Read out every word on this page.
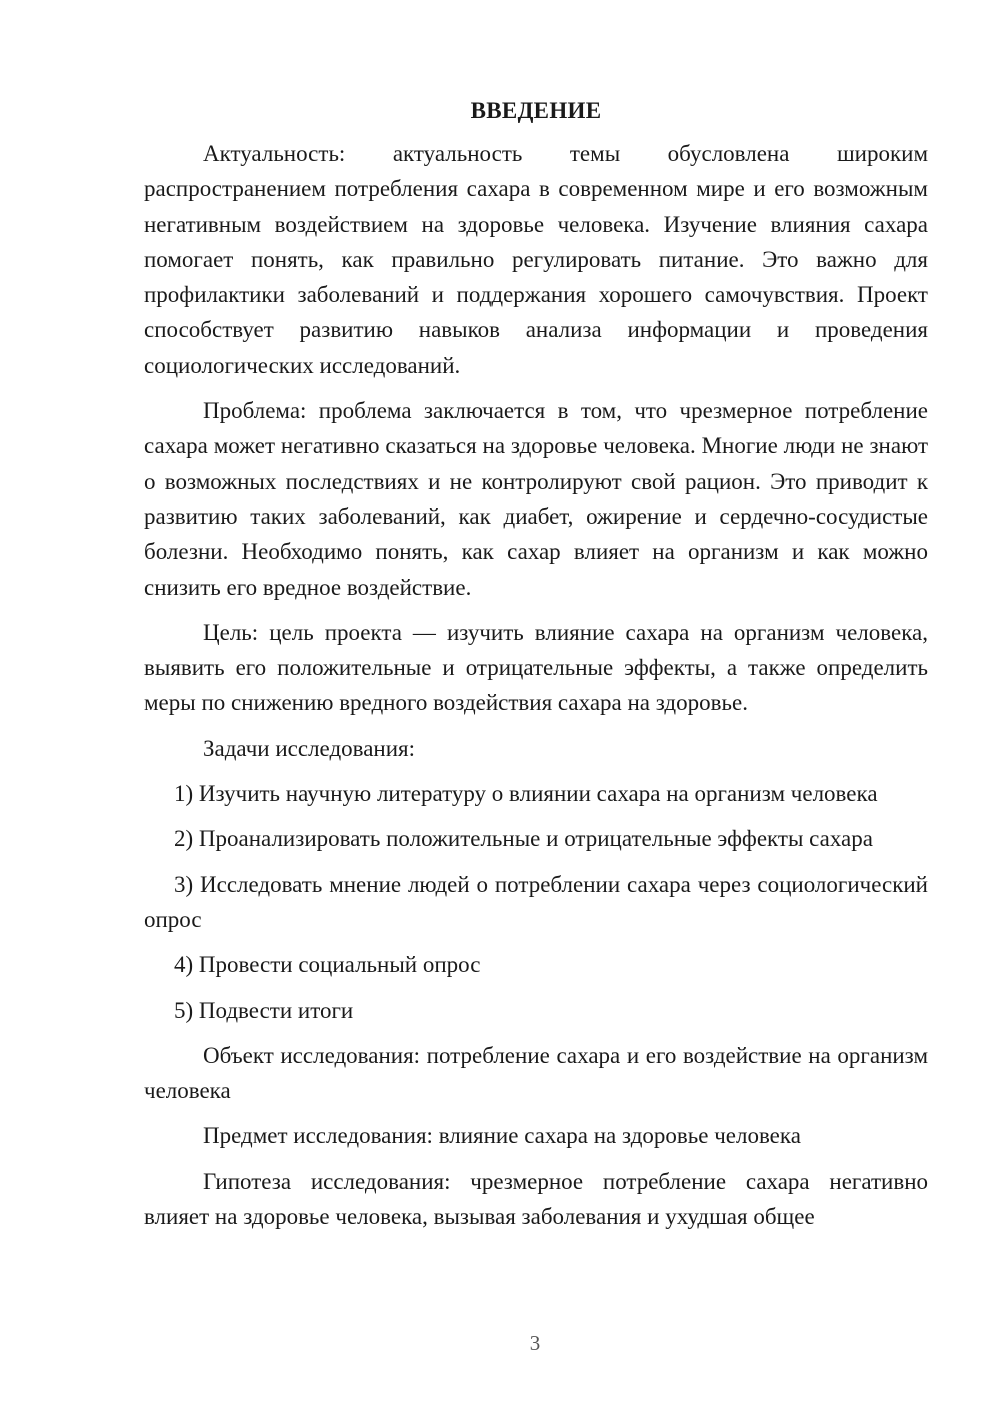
ВВЕДЕНИЕ

Актуальность: актуальность темы обусловлена широким распространением потребления сахара в современном мире и его возможным негативным воздействием на здоровье человека. Изучение влияния сахара помогает понять, как правильно регулировать питание. Это важно для профилактики заболеваний и поддержания хорошего самочувствия. Проект способствует развитию навыков анализа информации и проведения социологических исследований.

Проблема: проблема заключается в том, что чрезмерное потребление сахара может негативно сказаться на здоровье человека. Многие люди не знают о возможных последствиях и не контролируют свой рацион. Это приводит к развитию таких заболеваний, как диабет, ожирение и сердечно-сосудистые болезни. Необходимо понять, как сахар влияет на организм и как можно снизить его вредное воздействие.

Цель: цель проекта — изучить влияние сахара на организм человека, выявить его положительные и отрицательные эффекты, а также определить меры по снижению вредного воздействия сахара на здоровье.

Задачи исследования:

1) Изучить научную литературу о влиянии сахара на организм человека

2) Проанализировать положительные и отрицательные эффекты сахара

3) Исследовать мнение людей о потреблении сахара через социологический опрос

4) Провести социальный опрос

5) Подвести итоги

Объект исследования: потребление сахара и его воздействие на организм человека

Предмет исследования: влияние сахара на здоровье человека

Гипотеза исследования: чрезмерное потребление сахара негативно влияет на здоровье человека, вызывая заболевания и ухудшая общее

3
